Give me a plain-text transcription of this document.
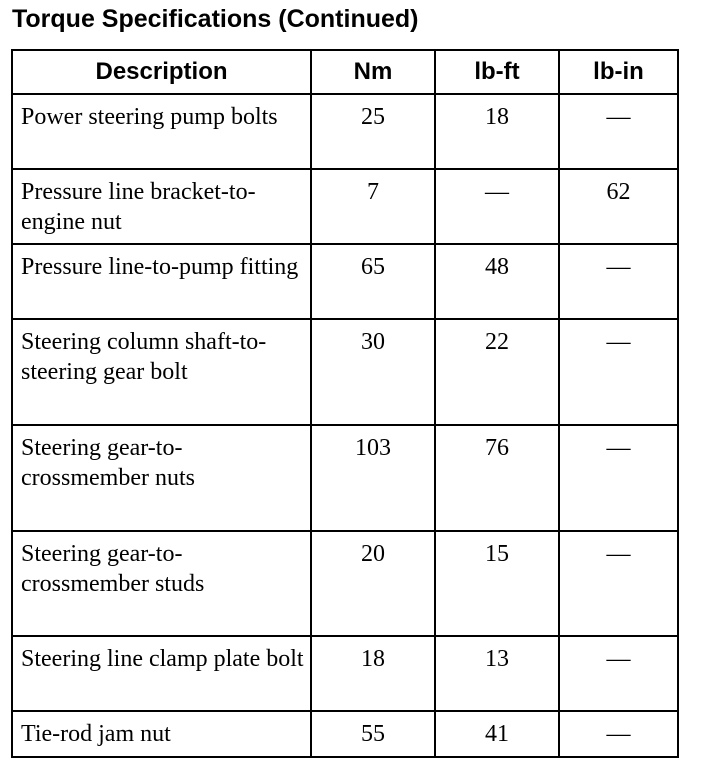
Torque Specifications (Continued)
Description	Nm	lb-ft	lb-in
Power steering pump bolts	25	18	—
Pressure line bracket-to-engine nut	7	—	62
Pressure line-to-pump fitting	65	48	—
Steering column shaft-to-steering gear bolt	30	22	—
Steering gear-to-crossmember nuts	103	76	—
Steering gear-to-crossmember studs	20	15	—
Steering line clamp plate bolt	18	13	—
Tie-rod jam nut	55	41	—
